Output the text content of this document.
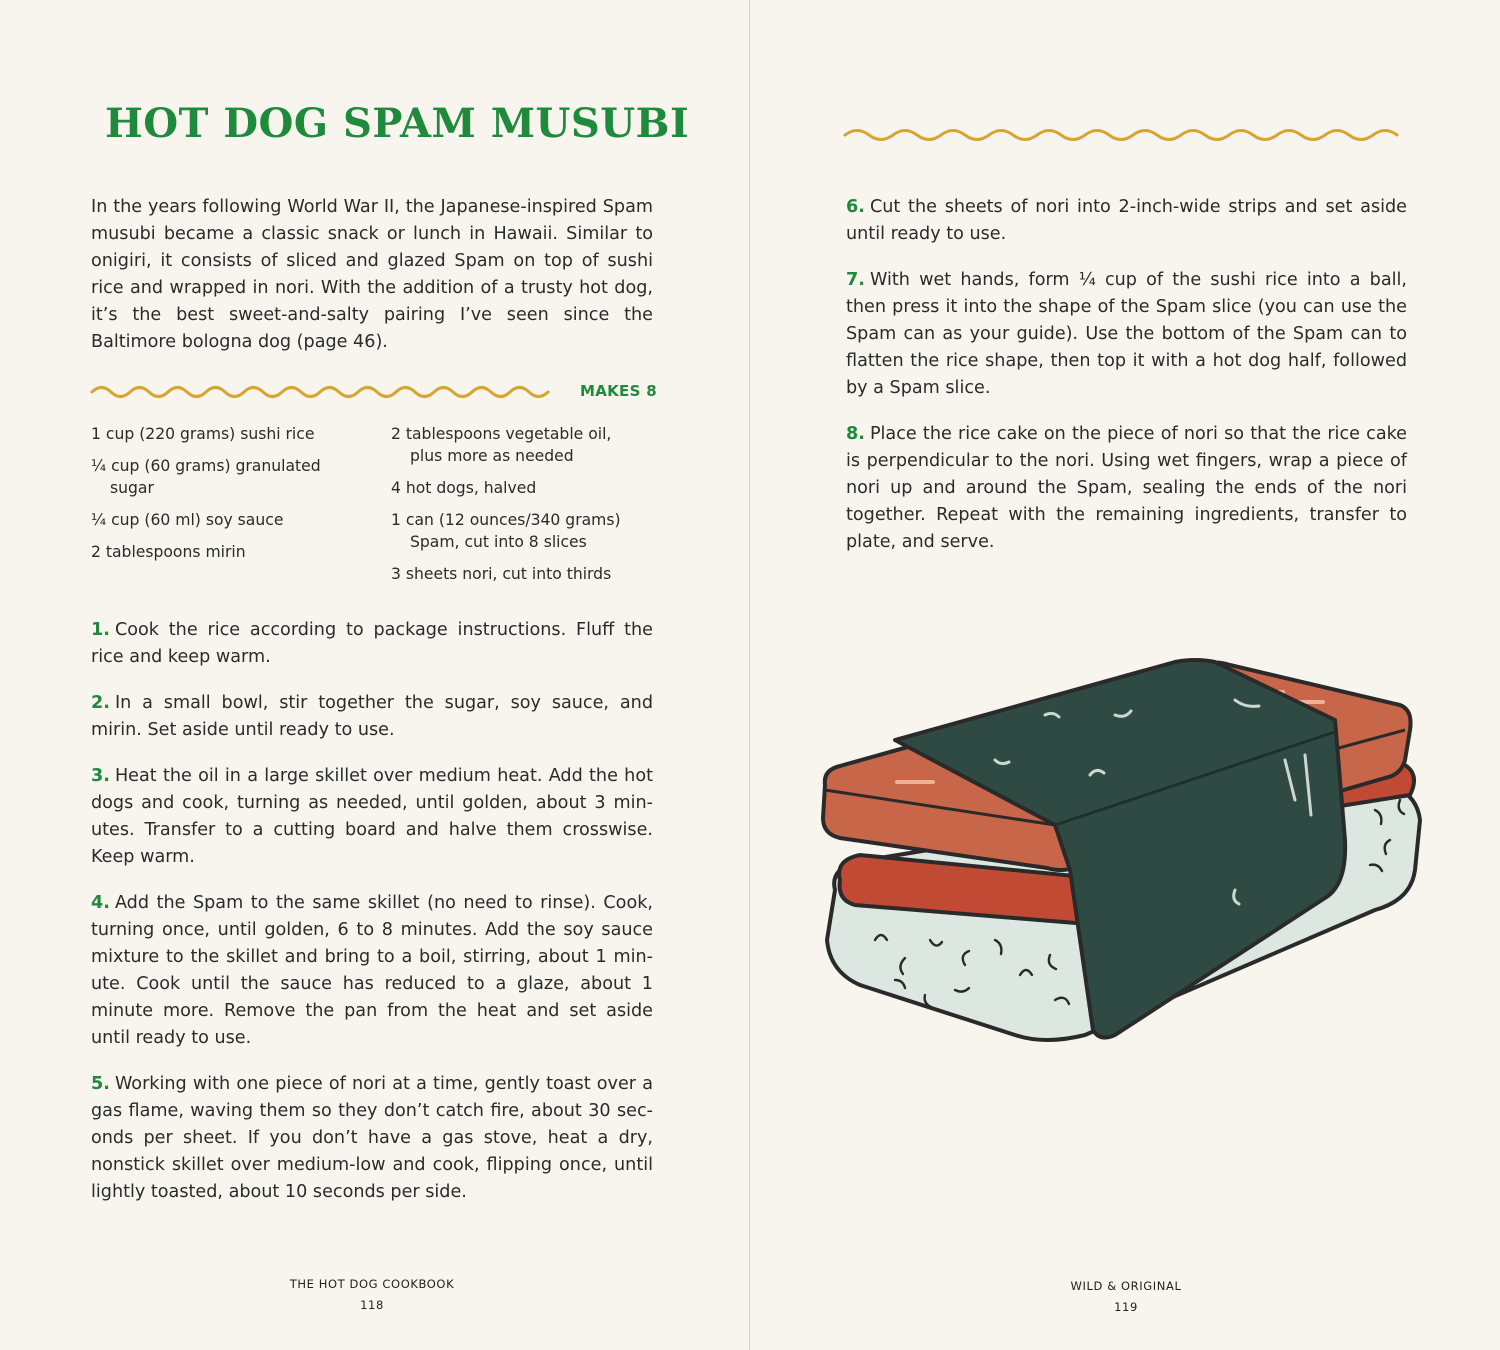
HOT DOG SPAM MUSUBI
In the years following World War II, the Japanese-inspired Spam musubi became a classic snack or lunch in Hawaii. Similar to onigiri, it consists of sliced and glazed Spam on top of sushi rice and wrapped in nori. With the addition of a trusty hot dog, it’s the best sweet-and-salty pairing I’ve seen since the Baltimore bologna dog (page 46).
MAKES 8
1 cup (220 grams) sushi rice
¼ cup (60 grams) granulated sugar
¼ cup (60 ml) soy sauce
2 tablespoons mirin
2 tablespoons vegetable oil, plus more as needed
4 hot dogs, halved
1 can (12 ounces/340 grams) Spam, cut into 8 slices
3 sheets nori, cut into thirds

1. Cook the rice according to package instructions. Fluff the rice and keep warm.

2. In a small bowl, stir together the sugar, soy sauce, and mirin. Set aside until ready to use.

3. Heat the oil in a large skillet over medium heat. Add the hot dogs and cook, turning as needed, until golden, about 3 minutes. Transfer to a cutting board and halve them crosswise. Keep warm.

4. Add the Spam to the same skillet (no need to rinse). Cook, turning once, until golden, 6 to 8 minutes. Add the soy sauce mixture to the skillet and bring to a boil, stirring, about 1 minute. Cook until the sauce has reduced to a glaze, about 1 minute more. Remove the pan from the heat and set aside until ready to use.

5. Working with one piece of nori at a time, gently toast over a gas flame, waving them so they don’t catch fire, about 30 seconds per sheet. If you don’t have a gas stove, heat a dry, nonstick skillet over medium-low and cook, flipping once, until lightly toasted, about 10 seconds per side.

THE HOT DOG COOKBOOK
118
WILD & ORIGINAL
119

6. Cut the sheets of nori into 2-inch-wide strips and set aside until ready to use.

7. With wet hands, form ¼ cup of the sushi rice into a ball, then press it into the shape of the Spam slice (you can use the Spam can as your guide). Use the bottom of the Spam can to flatten the rice shape, then top it with a hot dog half, followed by a Spam slice.

8. Place the rice cake on the piece of nori so that the rice cake is perpendicular to the nori. Using wet fingers, wrap a piece of nori up and around the Spam, sealing the ends of the nori together. Repeat with the remaining ingredients, transfer to plate, and serve.
